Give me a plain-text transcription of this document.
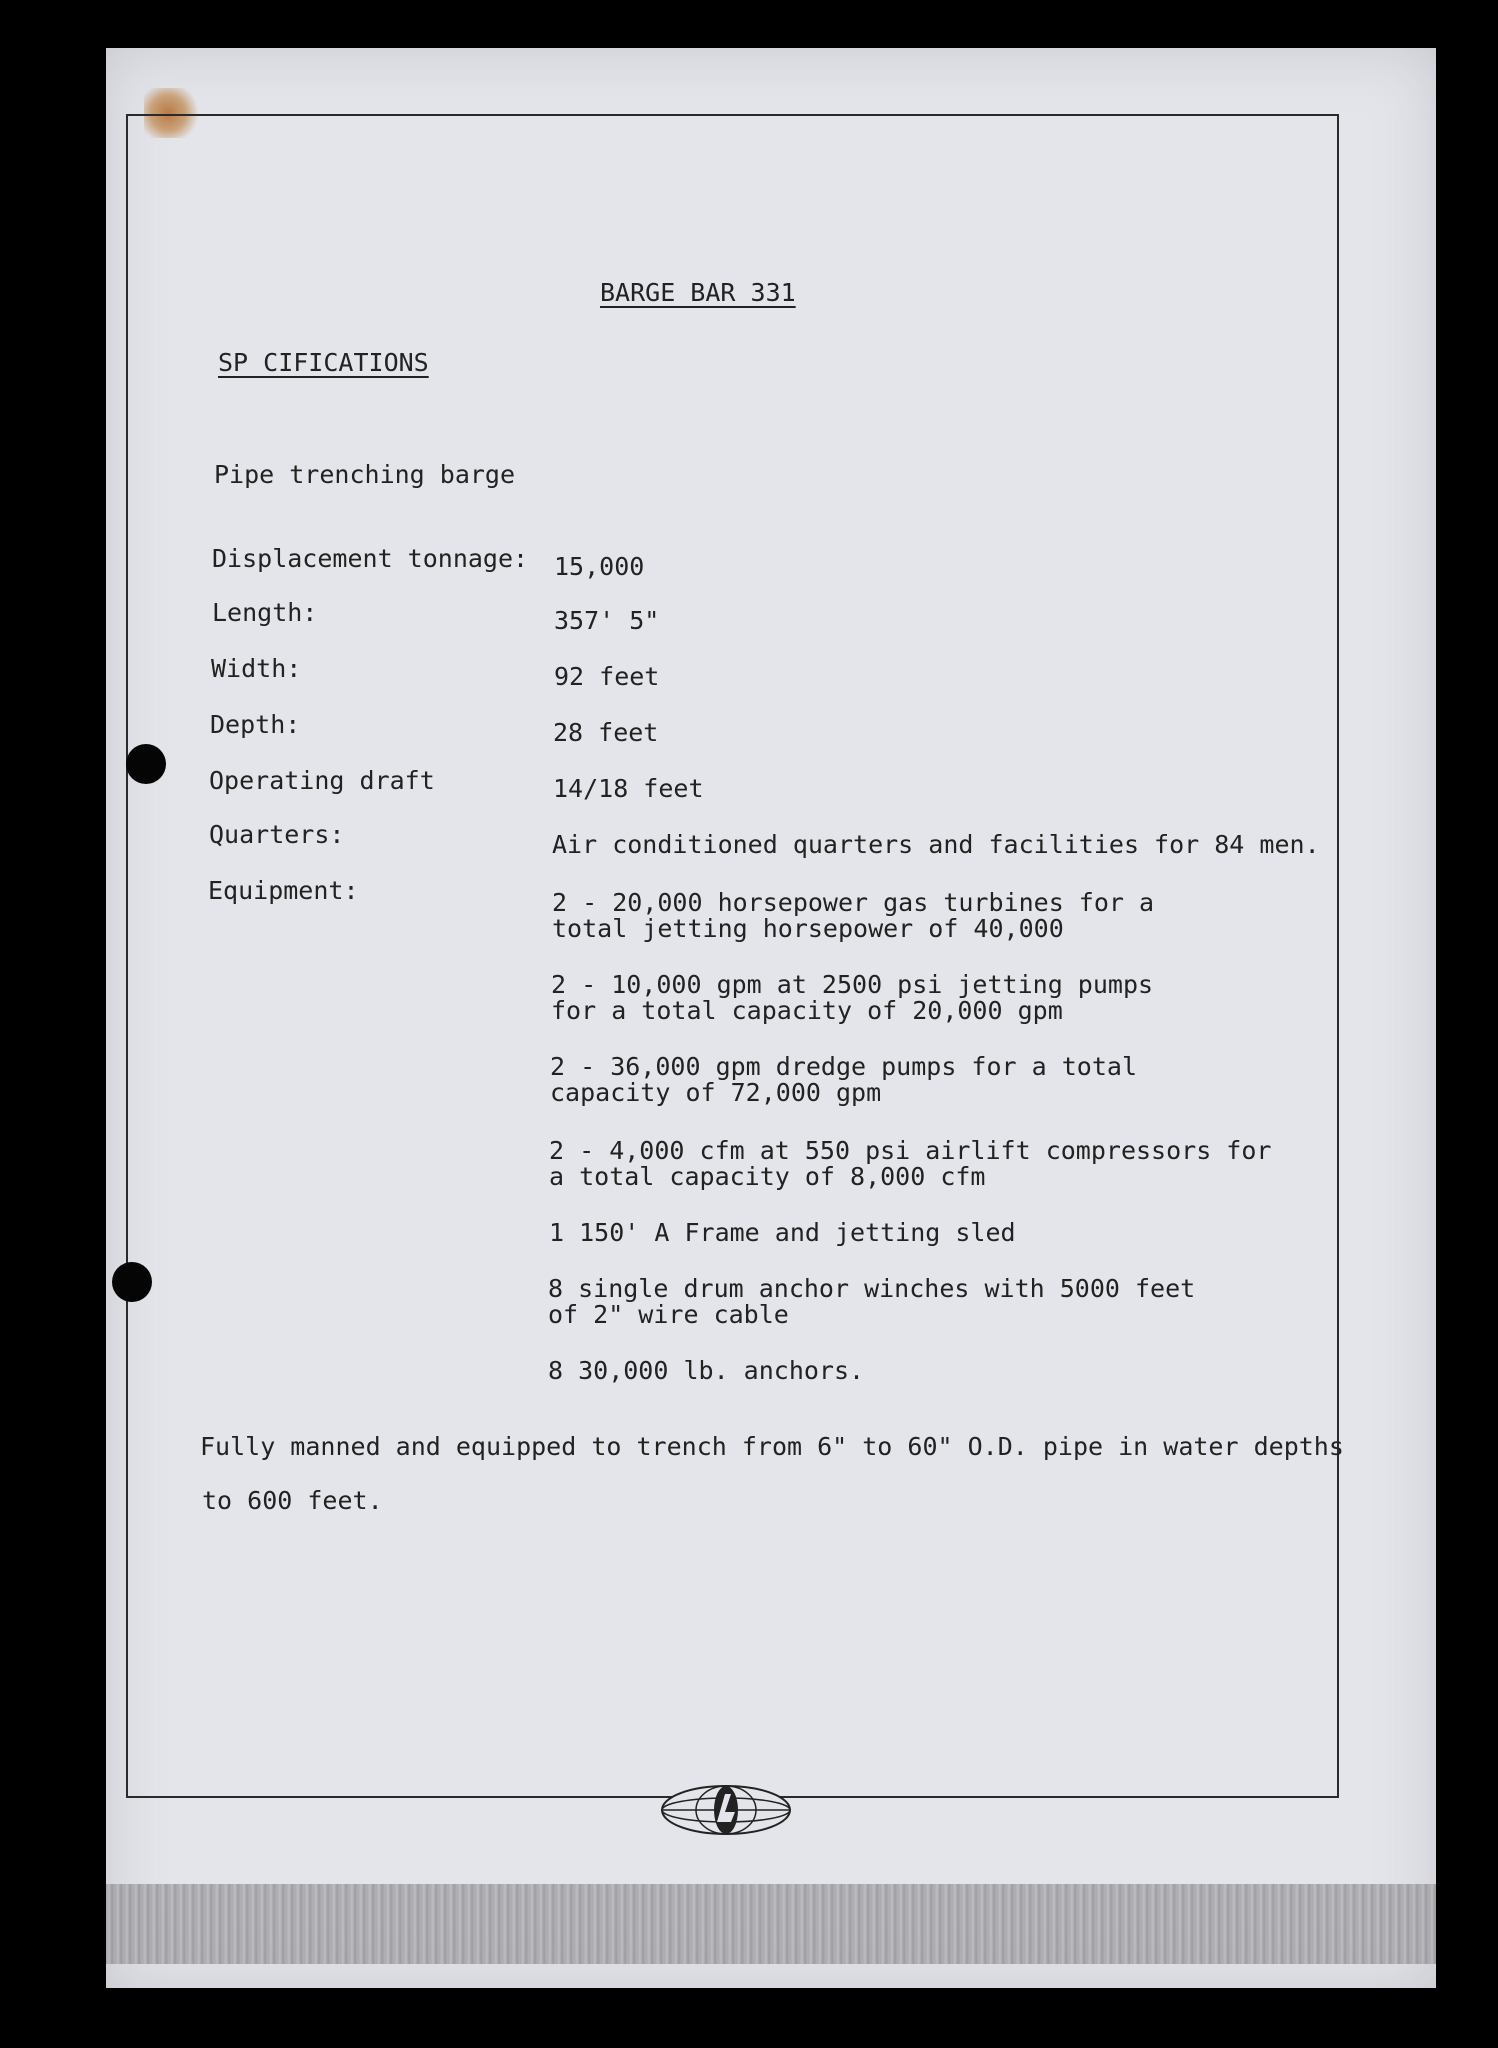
BARGE BAR 331
SP CIFICATIONS
Pipe trenching barge
Displacement tonnage: 15,000
Length:	357' 5"
Width:	92 feet
Depth:	28 feet
Operating draft	14/18 feet
Quarters:	Air conditioned quarters and facilities for 84 men.
Equipment:	2 - 20,000 horsepower gas turbines for a
total jetting horsepower of 40,000
2 - 10,000 gpm at 2500 psi jetting pumps
for a total capacity of 20,000 gpm
2 - 36,000 gpm dredge pumps for a total
capacity of 72,000 gpm
2 - 4,000 cfm at 550 psi airlift compressors for
a total capacity of 8,000 cfm
1 150' A Frame and jetting sled
8 single drum anchor winches with 5000 feet
of 2" wire cable
8 30,000 lb. anchors.
Fully manned and equipped to trench from 6" to 60" O.D. pipe in water depths
to 600 feet.
